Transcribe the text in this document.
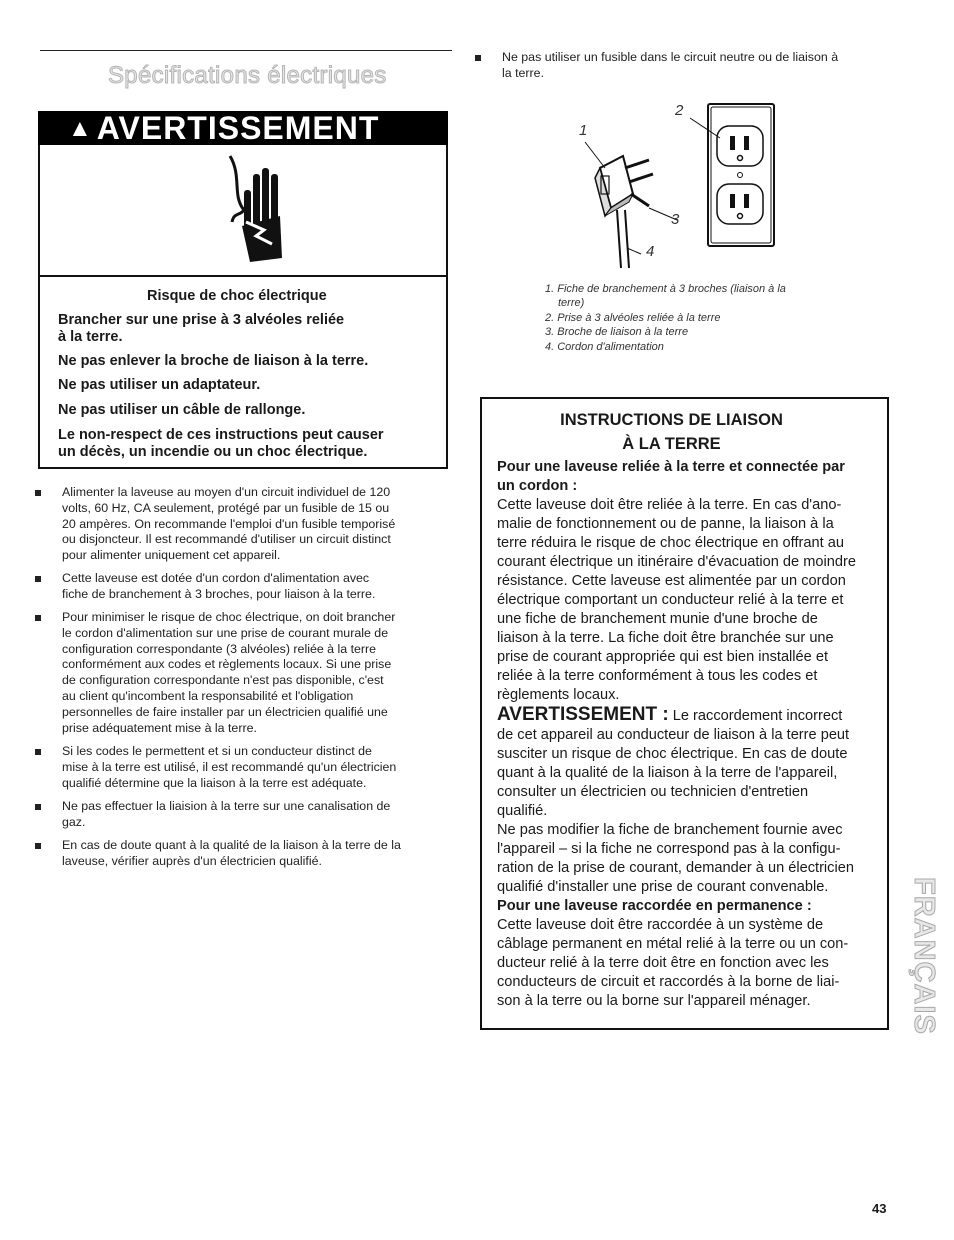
Spécifications électriques
▲ AVERTISSEMENT
Risque de choc électrique
Brancher sur une prise à 3 alvéoles reliée
à la terre.
Ne pas enlever la broche de liaison à la terre.
Ne pas utiliser un adaptateur.
Ne pas utiliser un câble de rallonge.
Le non-respect de ces instructions peut causer
un décès, un incendie ou un choc électrique.
Alimenter la laveuse au moyen d'un circuit individuel de 120
volts, 60 Hz, CA seulement, protégé par un fusible de 15 ou
20 ampères. On recommande l'emploi d'un fusible temporisé
ou disjoncteur. Il est recommandé d'utiliser un circuit distinct
pour alimenter uniquement cet appareil.
Cette laveuse est dotée d'un cordon d'alimentation avec
fiche de branchement à 3 broches, pour liaison à la terre.
Pour minimiser le risque de choc électrique, on doit brancher
le cordon d'alimentation sur une prise de courant murale de
configuration correspondante (3 alvéoles) reliée à la terre
conformément aux codes et règlements locaux. Si une prise
de configuration correspondante n'est pas disponible, c'est
au client qu'incombent la responsabilité et l'obligation
personnelles de faire installer par un électricien qualifié une
prise adéquatement mise à la terre.
Si les codes le permettent et si un conducteur distinct de
mise à la terre est utilisé, il est recommandé qu'un électricien
qualifié détermine que la liaison à la terre est adéquate.
Ne pas effectuer la liaision à la terre sur une canalisation de
gaz.
En cas de doute quant à la qualité de la liaison à la terre de la
laveuse, vérifier auprès d'un électricien qualifié.
Ne pas utiliser un fusible dans le circuit neutre ou de liaison à
la terre.
1
2
3
4
1. Fiche de branchement à 3 broches (liaison à la
terre)
2. Prise à 3 alvéoles reliée à la terre
3. Broche de liaison à la terre
4. Cordon d'alimentation
INSTRUCTIONS DE LIAISON
À LA TERRE
Pour une laveuse reliée à la terre et connectée par
un cordon :
Cette laveuse doit être reliée à la terre. En cas d'ano-
malie de fonctionnement ou de panne, la liaison à la
terre réduira le risque de choc électrique en offrant au
courant électrique un itinéraire d'évacuation de moindre
résistance. Cette laveuse est alimentée par un cordon
électrique comportant un conducteur relié à la terre et
une fiche de branchement munie d'une broche de
liaison à la terre. La fiche doit être branchée sur une
prise de courant appropriée qui est bien installée et
reliée à la terre conformément à tous les codes et
règlements locaux.
AVERTISSEMENT : Le raccordement incorrect
de cet appareil au conducteur de liaison à la terre peut
susciter un risque de choc électrique. En cas de doute
quant à la qualité de la liaison à la terre de l'appareil,
consulter un électricien ou technicien d'entretien
qualifié.
Ne pas modifier la fiche de branchement fournie avec
l'appareil – si la fiche ne correspond pas à la configu-
ration de la prise de courant, demander à un électricien
qualifié d'installer une prise de courant convenable.
Pour une laveuse raccordée en permanence :
Cette laveuse doit être raccordée à un système de
câblage permanent en métal relié à la terre ou un con-
ducteur relié à la terre doit être en fonction avec les
conducteurs de circuit et raccordés à la borne de liai-
son à la terre ou la borne sur l'appareil ménager.	FRANÇAIS
43
